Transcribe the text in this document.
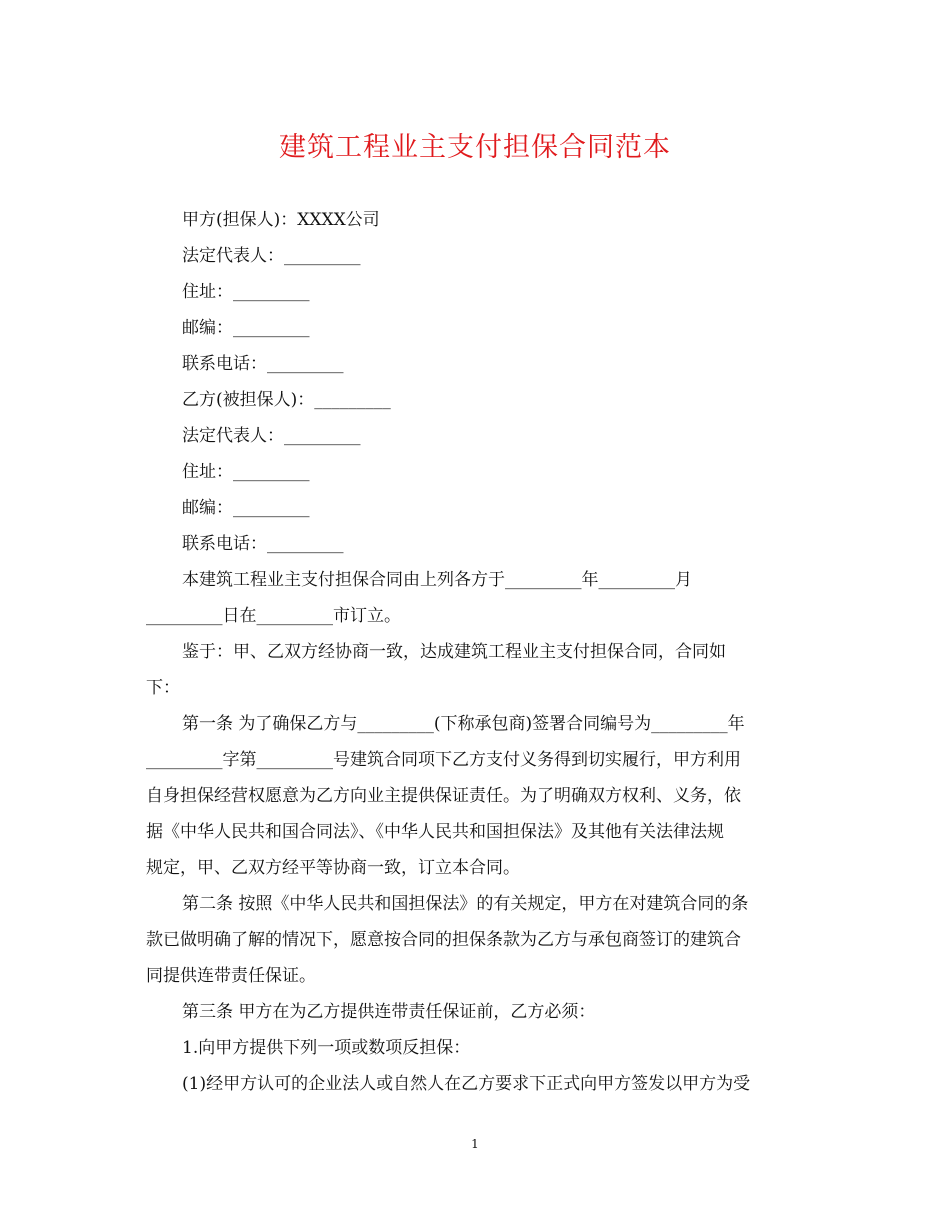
建筑工程业主支付担保合同范本
甲方(担保人)：XXXX公司
法定代表人：_________
住址：_________
邮编：_________
联系电话：_________
乙方(被担保人)：_________
法定代表人：_________
住址：_________
邮编：_________
联系电话：_________
本建筑工程业主支付担保合同由上列各方于_________年_________月
_________日在_________市订立。
鉴于：甲、乙双方经协商一致，达成建筑工程业主支付担保合同，合同如
下：
第一条 为了确保乙方与_________(下称承包商)签署合同编号为_________年
_________字第_________号建筑合同项下乙方支付义务得到切实履行，甲方利用
自身担保经营权愿意为乙方向业主提供保证责任。为了明确双方权利、义务，依
据《中华人民共和国合同法》、《中华人民共和国担保法》及其他有关法律法规
规定，甲、乙双方经平等协商一致，订立本合同。
第二条 按照《中华人民共和国担保法》的有关规定，甲方在对建筑合同的条
款已做明确了解的情况下，愿意按合同的担保条款为乙方与承包商签订的建筑合
同提供连带责任保证。
第三条 甲方在为乙方提供连带责任保证前，乙方必须：
1.向甲方提供下列一项或数项反担保：
(1)经甲方认可的企业法人或自然人在乙方要求下正式向甲方签发以甲方为受
1
